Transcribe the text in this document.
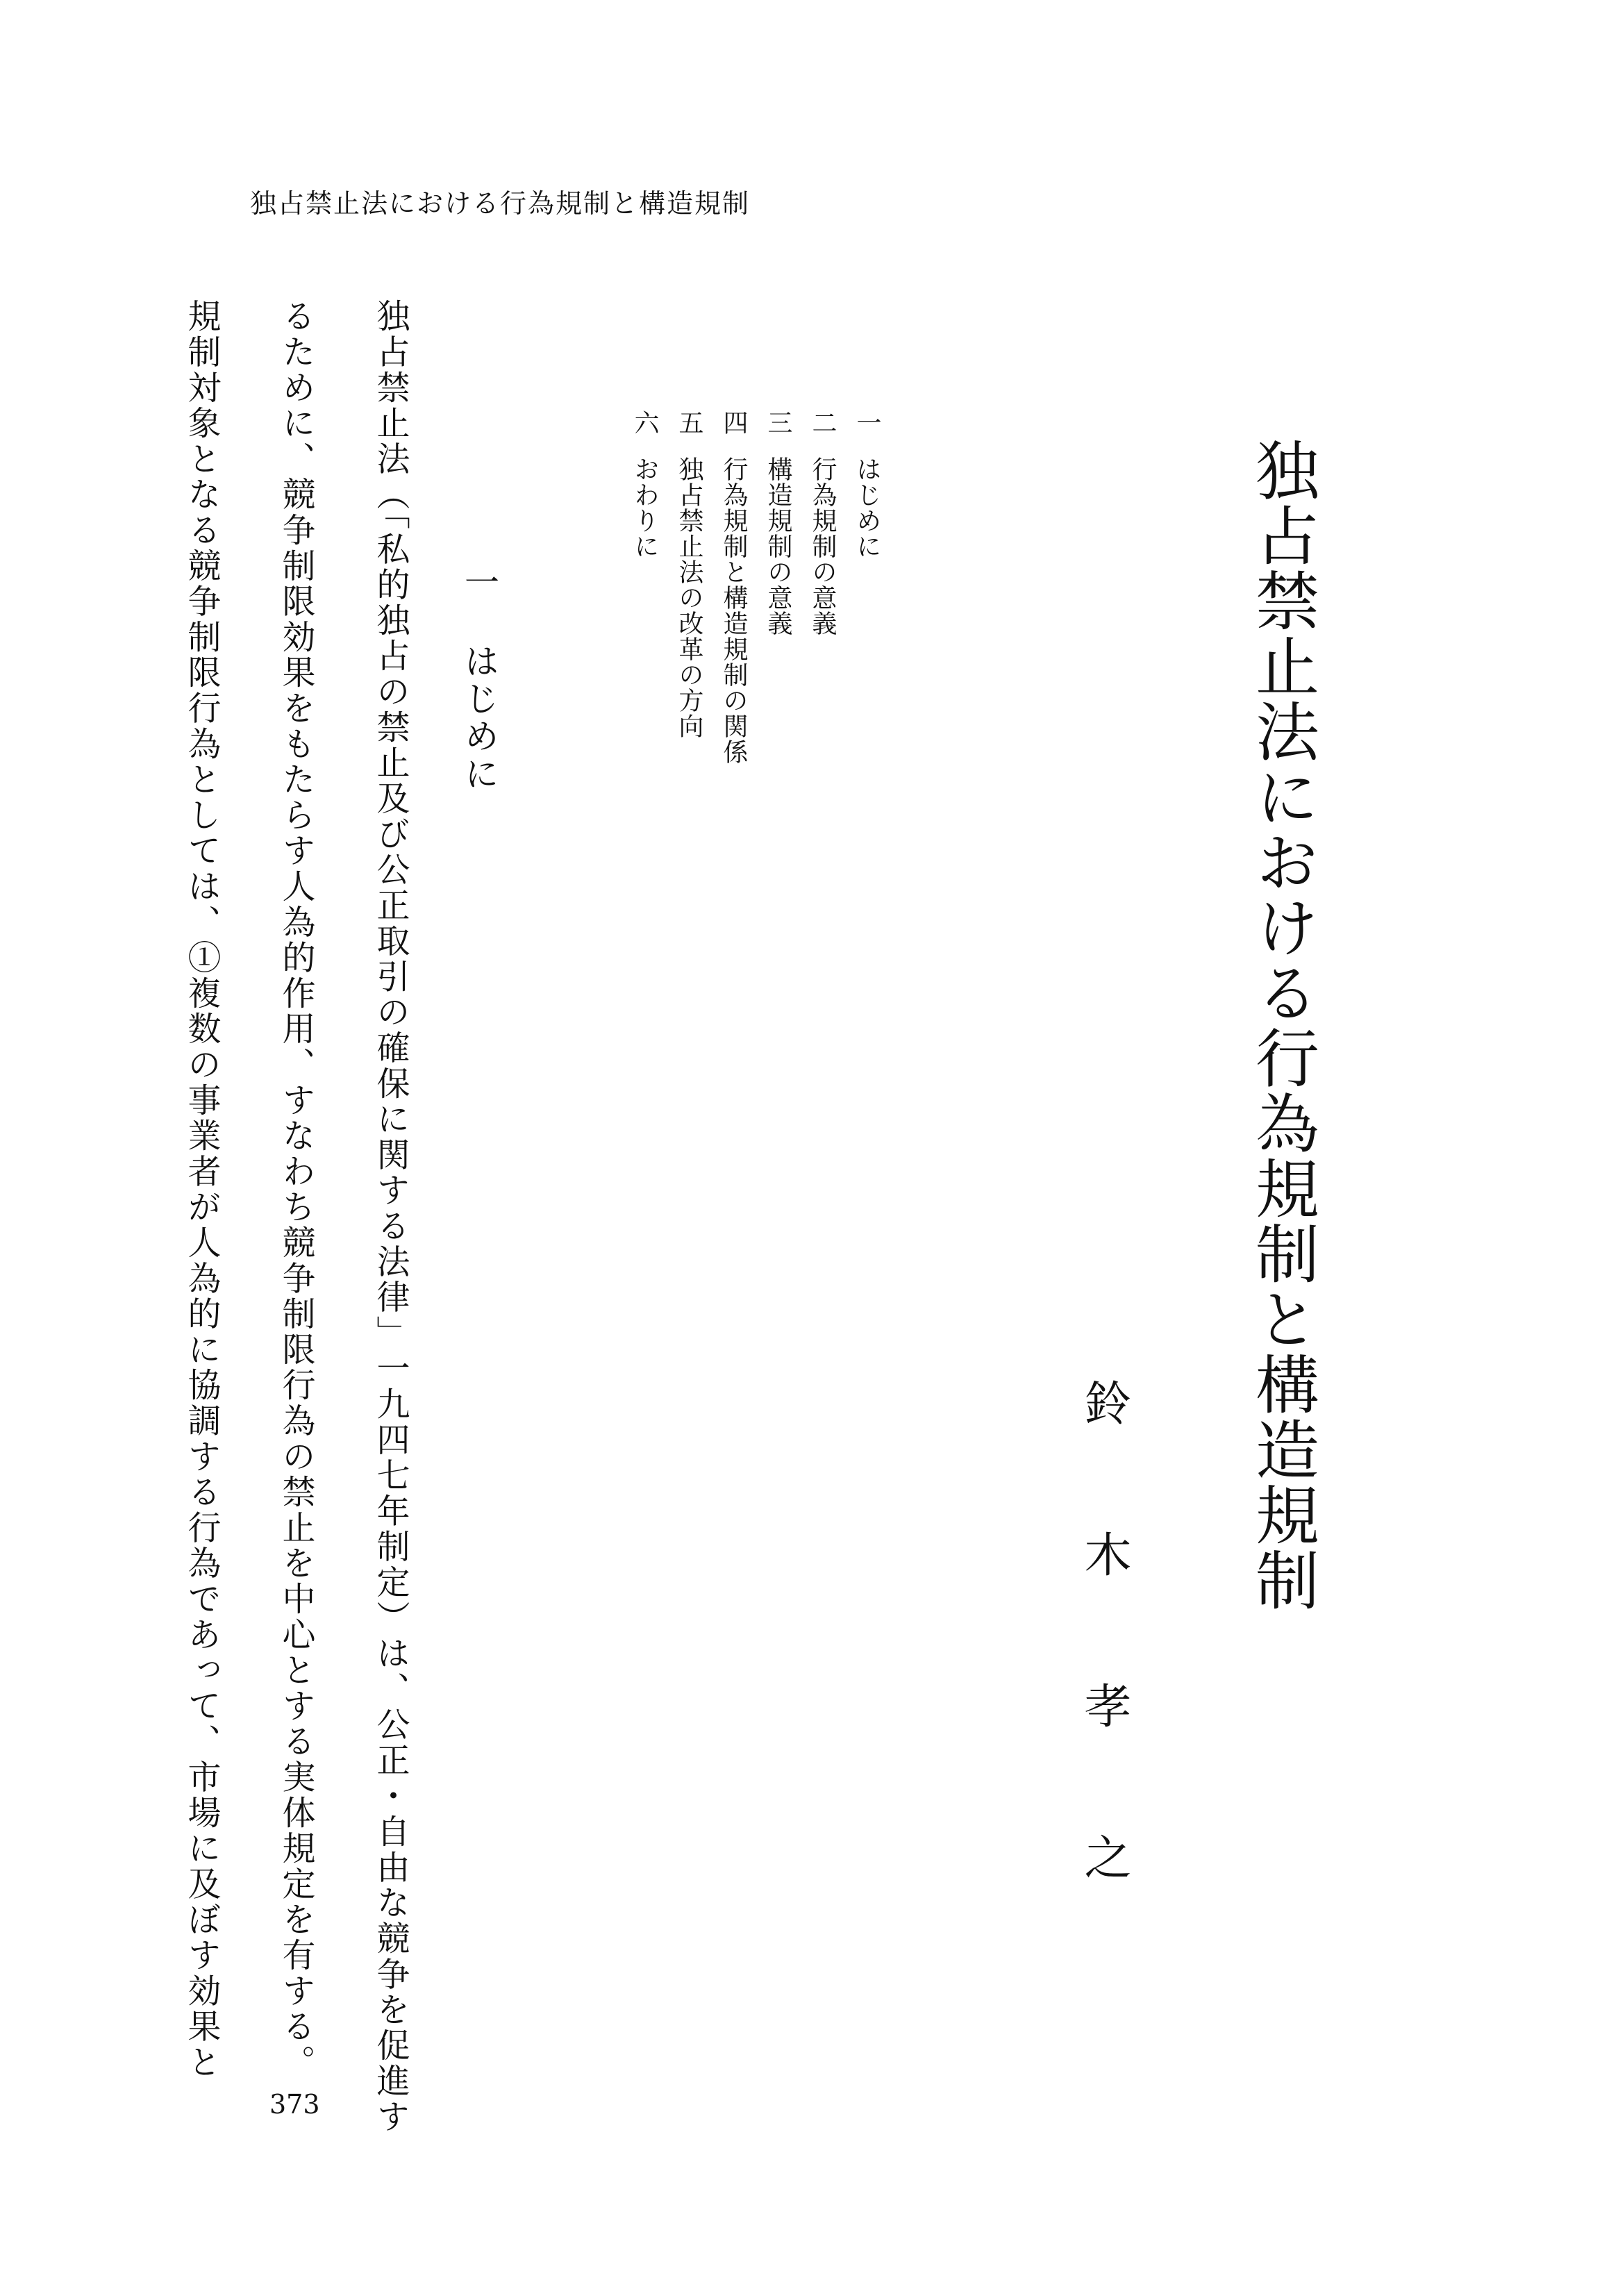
独占禁止法における行為規制と構造規制
独占禁止法における行為規制と構造規制
鈴木孝之
一はじめに
二行為規制の意義
三構造規制の意義
四行為規制と構造規制の関係
五独占禁止法の改革の方向
六おわりに
一はじめに
独占禁止法（「私的独占の禁止及び公正取引の確保に関する法律」一九四七年制定）は、公正・自由な競争を促進す
るために、競争制限効果をもたらす人為的作用、すなわち競争制限行為の禁止を中心とする実体規定を有する。
規制対象となる競争制限行為としては、①複数の事業者が人為的に協調する行為であって、市場に及ぼす効果と
373
